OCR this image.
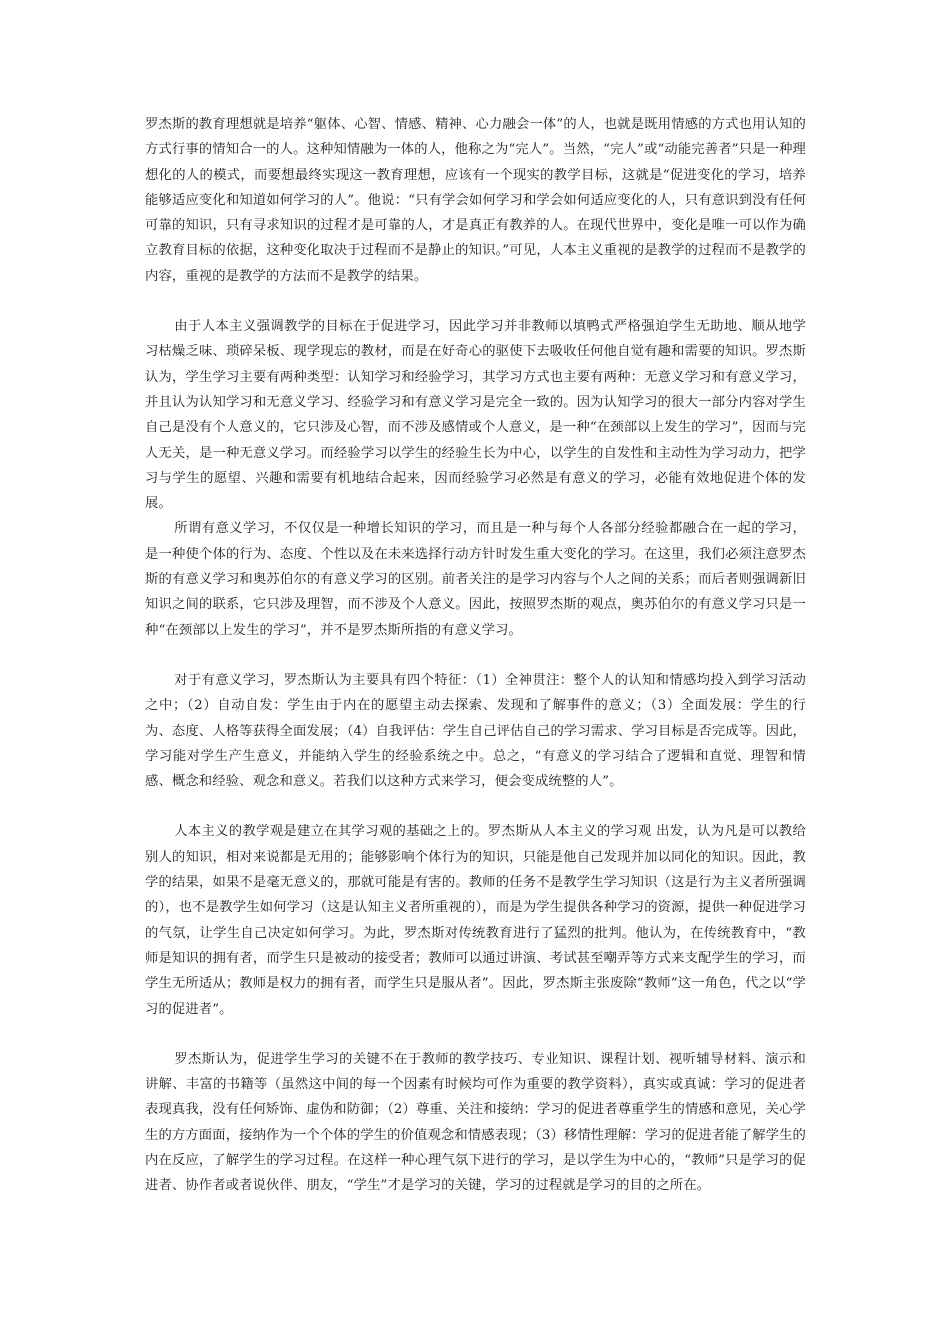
罗杰斯的教育理想就是培养“躯体、心智、情感、精神、心力融会一体”的人，也就是既用情感的方式也用认知的方式行事的情知合一的人。这种知情融为一体的人，他称之为“完人”。当然，“完人”或“动能完善者”只是一种理想化的人的模式，而要想最终实现这一教育理想，应该有一个现实的教学目标，这就是“促进变化的学习，培养能够适应变化和知道如何学习的人”。他说：“只有学会如何学习和学会如何适应变化的人，只有意识到没有任何可靠的知识，只有寻求知识的过程才是可靠的人，才是真正有教养的人。在现代世界中，变化是唯一可以作为确立教育目标的依据，这种变化取决于过程而不是静止的知识。”可见，人本主义重视的是教学的过程而不是教学的内容，重视的是教学的方法而不是教学的结果。

由于人本主义强调教学的目标在于促进学习，因此学习并非教师以填鸭式严格强迫学生无助地、顺从地学习枯燥乏味、琐碎呆板、现学现忘的教材，而是在好奇心的驱使下去吸收任何他自觉有趣和需要的知识。罗杰斯认为，学生学习主要有两种类型：认知学习和经验学习，其学习方式也主要有两种：无意义学习和有意义学习，并且认为认知学习和无意义学习、经验学习和有意义学习是完全一致的。因为认知学习的很大一部分内容对学生自己是没有个人意义的，它只涉及心智，而不涉及感情或个人意义，是一种“在颈部以上发生的学习”，因而与完人无关，是一种无意义学习。而经验学习以学生的经验生长为中心，以学生的自发性和主动性为学习动力，把学习与学生的愿望、兴趣和需要有机地结合起来，因而经验学习必然是有意义的学习，必能有效地促进个体的发展。

所谓有意义学习，不仅仅是一种增长知识的学习，而且是一种与每个人各部分经验都融合在一起的学习，是一种使个体的行为、态度、个性以及在未来选择行动方针时发生重大变化的学习。在这里，我们必须注意罗杰斯的有意义学习和奥苏伯尔的有意义学习的区别。前者关注的是学习内容与个人之间的关系；而后者则强调新旧知识之间的联系，它只涉及理智，而不涉及个人意义。因此，按照罗杰斯的观点，奥苏伯尔的有意义学习只是一种“在颈部以上发生的学习”，并不是罗杰斯所指的有意义学习。

对于有意义学习，罗杰斯认为主要具有四个特征：（1）全神贯注：整个人的认知和情感均投入到学习活动之中；（2）自动自发：学生由于内在的愿望主动去探索、发现和了解事件的意义；（3）全面发展：学生的行为、态度、人格等获得全面发展；（4）自我评估：学生自己评估自己的学习需求、学习目标是否完成等。因此，学习能对学生产生意义，并能纳入学生的经验系统之中。总之，“有意义的学习结合了逻辑和直觉、理智和情感、概念和经验、观念和意义。若我们以这种方式来学习，便会变成统整的人”。

人本主义的教学观是建立在其学习观的基础之上的。罗杰斯从人本主义的学习观 出发，认为凡是可以教给别人的知识，相对来说都是无用的；能够影响个体行为的知识，只能是他自己发现并加以同化的知识。因此，教学的结果，如果不是毫无意义的，那就可能是有害的。教师的任务不是教学生学习知识（这是行为主义者所强调的），也不是教学生如何学习（这是认知主义者所重视的），而是为学生提供各种学习的资源，提供一种促进学习的气氛，让学生自己决定如何学习。为此，罗杰斯对传统教育进行了猛烈的批判。他认为，在传统教育中，“教师是知识的拥有者，而学生只是被动的接受者；教师可以通过讲演、考试甚至嘲弄等方式来支配学生的学习，而学生无所适从；教师是权力的拥有者，而学生只是服从者”。因此，罗杰斯主张废除“教师”这一角色，代之以“学习的促进者”。

罗杰斯认为，促进学生学习的关键不在于教师的教学技巧、专业知识、课程计划、视听辅导材料、演示和讲解、丰富的书籍等（虽然这中间的每一个因素有时候均可作为重要的教学资料），真实或真诚：学习的促进者表现真我，没有任何矫饰、虚伪和防御；（2）尊重、关注和接纳：学习的促进者尊重学生的情感和意见，关心学生的方方面面，接纳作为一个个体的学生的价值观念和情感表现；（3）移情性理解：学习的促进者能了解学生的内在反应，了解学生的学习过程。在这样一种心理气氛下进行的学习，是以学生为中心的，“教师”只是学习的促进者、协作者或者说伙伴、朋友，“学生”才是学习的关键，学习的过程就是学习的目的之所在。
